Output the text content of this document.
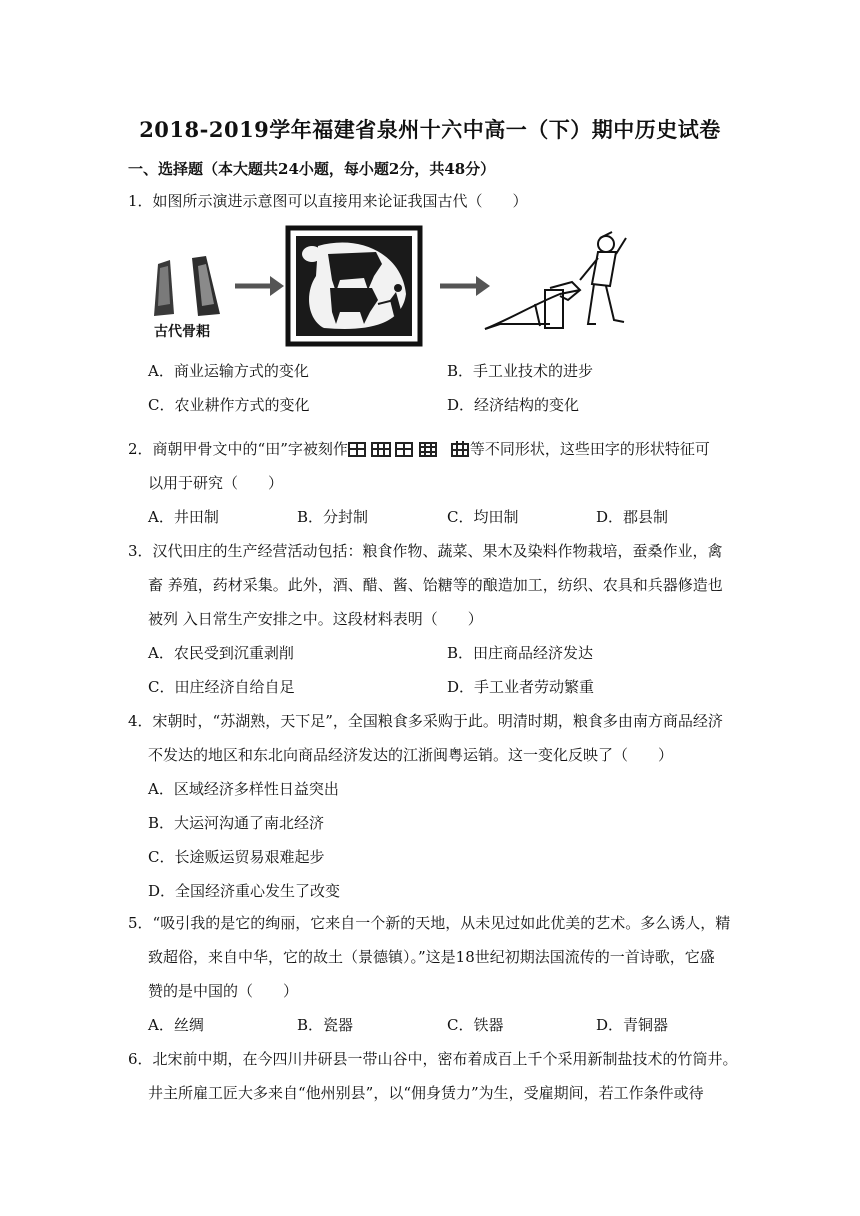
2018-2019学年福建省泉州十六中高一（下）期中历史试卷
一、选择题（本大题共24小题，每小题2分，共48分）
1．如图所示演进示意图可以直接用来论证我国古代（　　）
古代骨耜
A．商业运输方式的变化	B．手工业技术的进步
C．农业耕作方式的变化	D．经济结构的变化
2．商朝甲骨文中的“田”字被刻作	等不同形状，这些田字的形状特征可
以用于研究（　　）
A．井田制	B．分封制	C．均田制	D．郡县制
3．汉代田庄的生产经营活动包括：粮食作物、蔬菜、果木及染料作物栽培，蚕桑作业，禽
畜 养殖，药材采集。此外，酒、醋、酱、饴糖等的酿造加工，纺织、农具和兵器修造也
被列 入日常生产安排之中。这段材料表明（　　）
A．农民受到沉重剥削	B．田庄商品经济发达
C．田庄经济自给自足	D．手工业者劳动繁重
4．宋朝时，“苏湖熟，天下足”，全国粮食多采购于此。明清时期，粮食多由南方商品经济
不发达的地区和东北向商品经济发达的江浙闽粤运销。这一变化反映了（　　）
A．区域经济多样性日益突出
B．大运河沟通了南北经济
C．长途贩运贸易艰难起步
D．全国经济重心发生了改变
5．“吸引我的是它的绚丽，它来自一个新的天地，从未见过如此优美的艺术。多么诱人，精
致超俗，来自中华，它的故土（景德镇）。”这是18世纪初期法国流传的一首诗歌，它盛
赞的是中国的（　　）
A．丝绸	B．瓷器	C．铁器	D．青铜器
6．北宋前中期，在今四川井研县一带山谷中，密布着成百上千个采用新制盐技术的竹筒井。
井主所雇工匠大多来自“他州别县”，以“佣身赁力”为生，受雇期间，若工作条件或待
